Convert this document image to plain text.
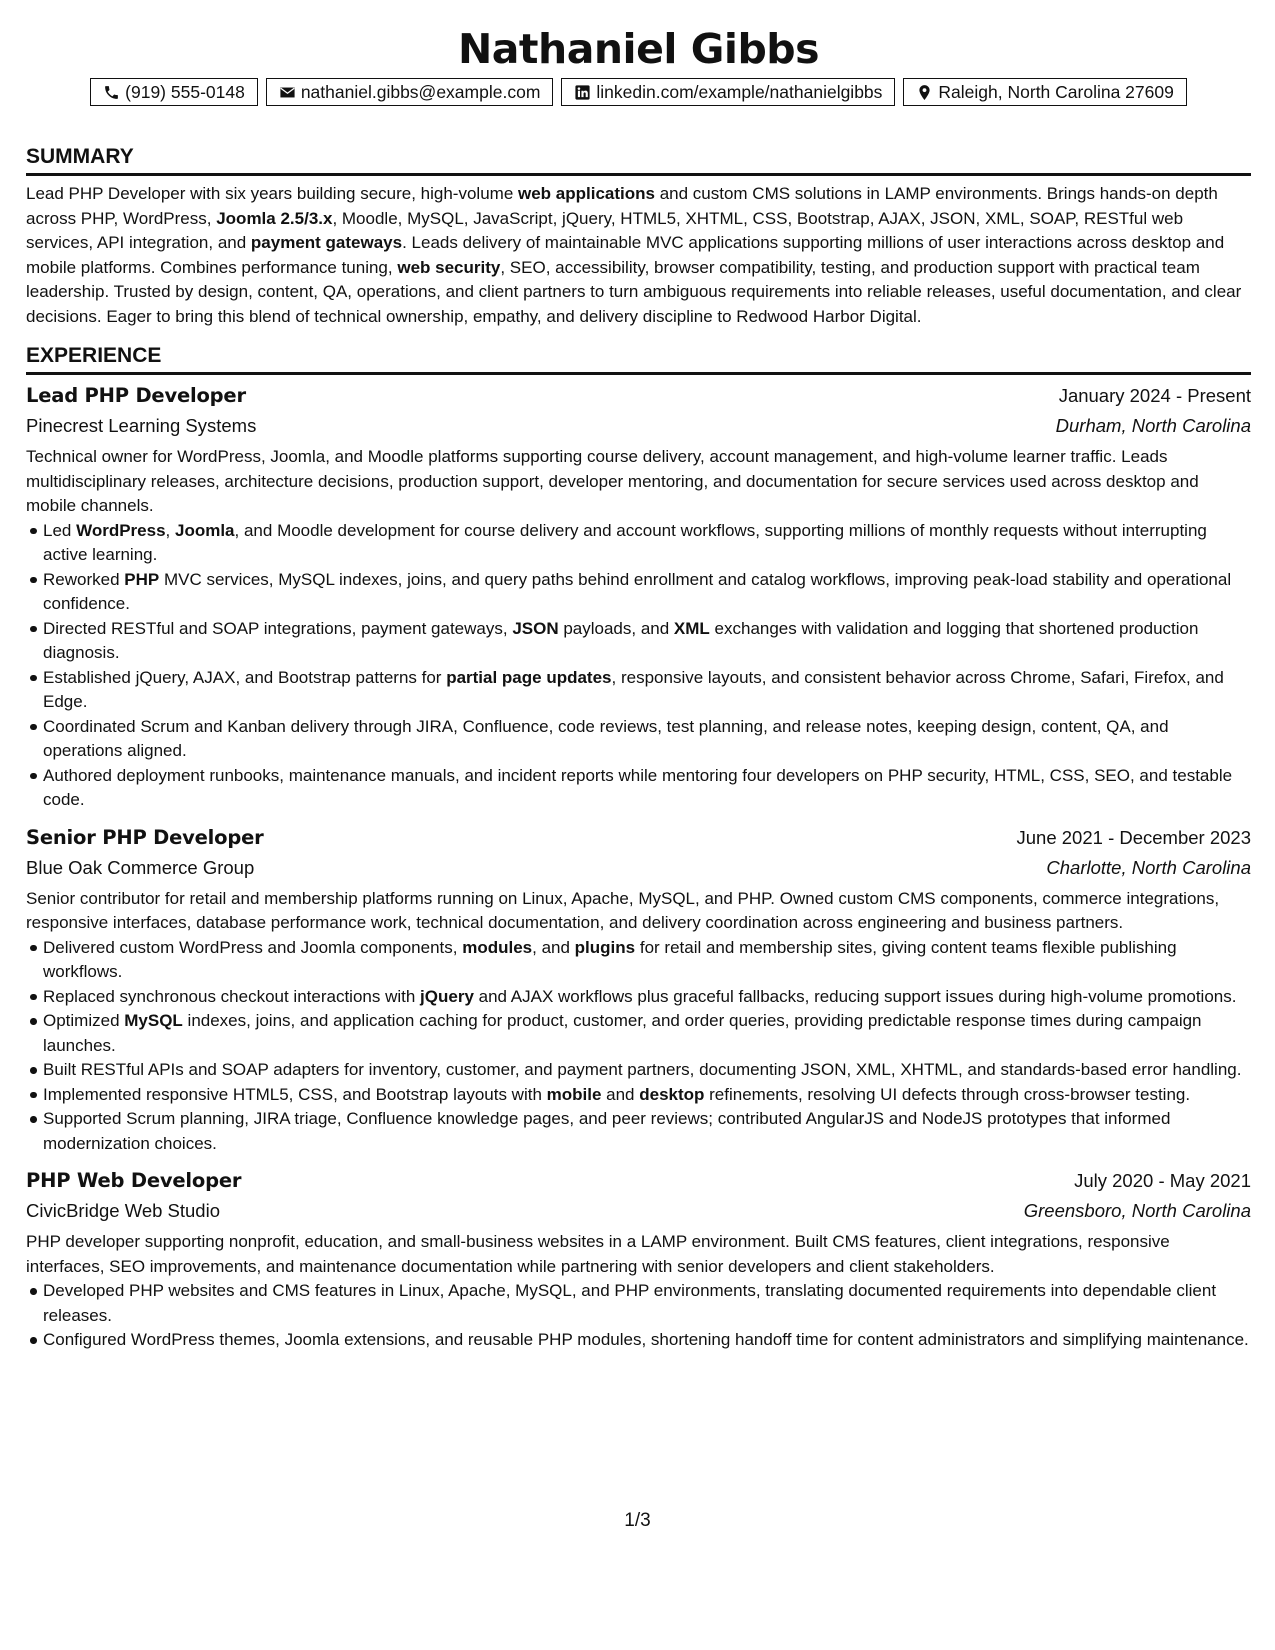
Nathaniel Gibbs
(919) 555-0148	nathaniel.gibbs@example.com	linkedin.com/example/nathanielgibbs	Raleigh, North Carolina 27609
SUMMARY

Lead PHP Developer with six years building secure, high-volume web applications and custom CMS solutions in LAMP environments. Brings hands-on depth across PHP, WordPress, Joomla 2.5/3.x, Moodle, MySQL, JavaScript, jQuery, HTML5, XHTML, CSS, Bootstrap, AJAX, JSON, XML, SOAP, RESTful web services, API integration, and payment gateways. Leads delivery of maintainable MVC applications supporting millions of user interactions across desktop and mobile platforms. Combines performance tuning, web security, SEO, accessibility, browser compatibility, testing, and production support with practical team leadership. Trusted by design, content, QA, operations, and client partners to turn ambiguous requirements into reliable releases, useful documentation, and clear decisions. Eager to bring this blend of technical ownership, empathy, and delivery discipline to Redwood Harbor Digital.

EXPERIENCE
Lead PHP Developer	January 2024 - Present
Pinecrest Learning Systems	Durham, North Carolina

Technical owner for WordPress, Joomla, and Moodle platforms supporting course delivery, account management, and high-volume learner traffic. Leads multidisciplinary releases, architecture decisions, production support, developer mentoring, and documentation for secure services used across desktop and mobile channels.

Led WordPress, Joomla, and Moodle development for course delivery and account workflows, supporting millions of monthly requests without interrupting active learning.
Reworked PHP MVC services, MySQL indexes, joins, and query paths behind enrollment and catalog workflows, improving peak-load stability and operational confidence.
Directed RESTful and SOAP integrations, payment gateways, JSON payloads, and XML exchanges with validation and logging that shortened production diagnosis.
Established jQuery, AJAX, and Bootstrap patterns for partial page updates, responsive layouts, and consistent behavior across Chrome, Safari, Firefox, and Edge.
Coordinated Scrum and Kanban delivery through JIRA, Confluence, code reviews, test planning, and release notes, keeping design, content, QA, and operations aligned.
Authored deployment runbooks, maintenance manuals, and incident reports while mentoring four developers on PHP security, HTML, CSS, SEO, and testable code.
Senior PHP Developer	June 2021 - December 2023
Blue Oak Commerce Group	Charlotte, North Carolina

Senior contributor for retail and membership platforms running on Linux, Apache, MySQL, and PHP. Owned custom CMS components, commerce integrations, responsive interfaces, database performance work, technical documentation, and delivery coordination across engineering and business partners.

Delivered custom WordPress and Joomla components, modules, and plugins for retail and membership sites, giving content teams flexible publishing workflows.
Replaced synchronous checkout interactions with jQuery and AJAX workflows plus graceful fallbacks, reducing support issues during high-volume promotions.
Optimized MySQL indexes, joins, and application caching for product, customer, and order queries, providing predictable response times during campaign launches.
Built RESTful APIs and SOAP adapters for inventory, customer, and payment partners, documenting JSON, XML, XHTML, and standards-based error handling.
Implemented responsive HTML5, CSS, and Bootstrap layouts with mobile and desktop refinements, resolving UI defects through cross-browser testing.
Supported Scrum planning, JIRA triage, Confluence knowledge pages, and peer reviews; contributed AngularJS and NodeJS prototypes that informed modernization choices.
PHP Web Developer	July 2020 - May 2021
CivicBridge Web Studio	Greensboro, North Carolina

PHP developer supporting nonprofit, education, and small-business websites in a LAMP environment. Built CMS features, client integrations, responsive interfaces, SEO improvements, and maintenance documentation while partnering with senior developers and client stakeholders.

Developed PHP websites and CMS features in Linux, Apache, MySQL, and PHP environments, translating documented requirements into dependable client releases.
Configured WordPress themes, Joomla extensions, and reusable PHP modules, shortening handoff time for content administrators and simplifying maintenance.
1/3
